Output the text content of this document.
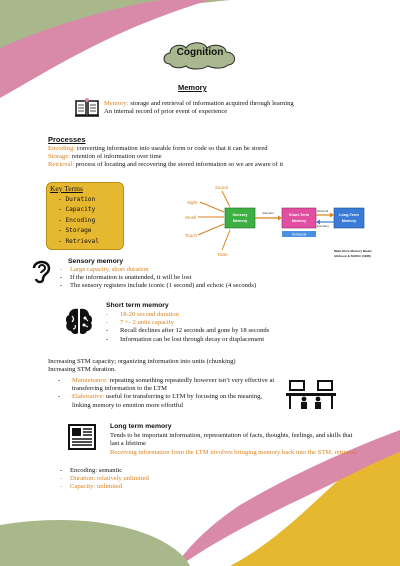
Cognition
Memory
Memory: storage and retrieval of information acquired through learning
An internal record of prior event of experience
Processes
Encoding: converting information into useable form or code so that it can be stored
Storage: retention of information over time
Retrieval: process of locating and recovering the stored information so we are aware of it
Key Terms
- Duration
- Capacity
- Encoding
- Storage
- Retrieval
Sound
Sight
Smell
Touch
Taste
Sensory
Memory
Attention	Short-Term
Memory
Rehearsal
Retrieval
Encoding
Long-Term
Memory
Multi-Store Memory Model
Atkinson & Shiffrin (1968)
Sensory memory
- Large capacity, short duration
- If the information is unattended, it will be lost
- The sensory registers include iconic (1 second) and echoic (4 seconds)
Short term memory
- 18-20 second duration
- 7 +- 2 units capacity
- Recall declines after 12 seconds and gone by 18 seconds
- Information can be lost through decay or displacement
Increasing STM capacity; organizing information into units (chunking)
Increasing STM duration.
- Maintenance: repeating something repeatedly however isn’t very effective at transferring information to the LTM
- Elaborative: useful for transferring to LTM by focusing on the meaning, linking memory to emotion more effortful
Long term memory
Tends to be important information, representation of facts, thoughts, feelings, and skills that last a lifetime
Receiving information from the LTM involves bringing memory back into the STM, retrieval
- Encoding: semantic
- Duration: relatively unlimited
- Capacity: unlimited
